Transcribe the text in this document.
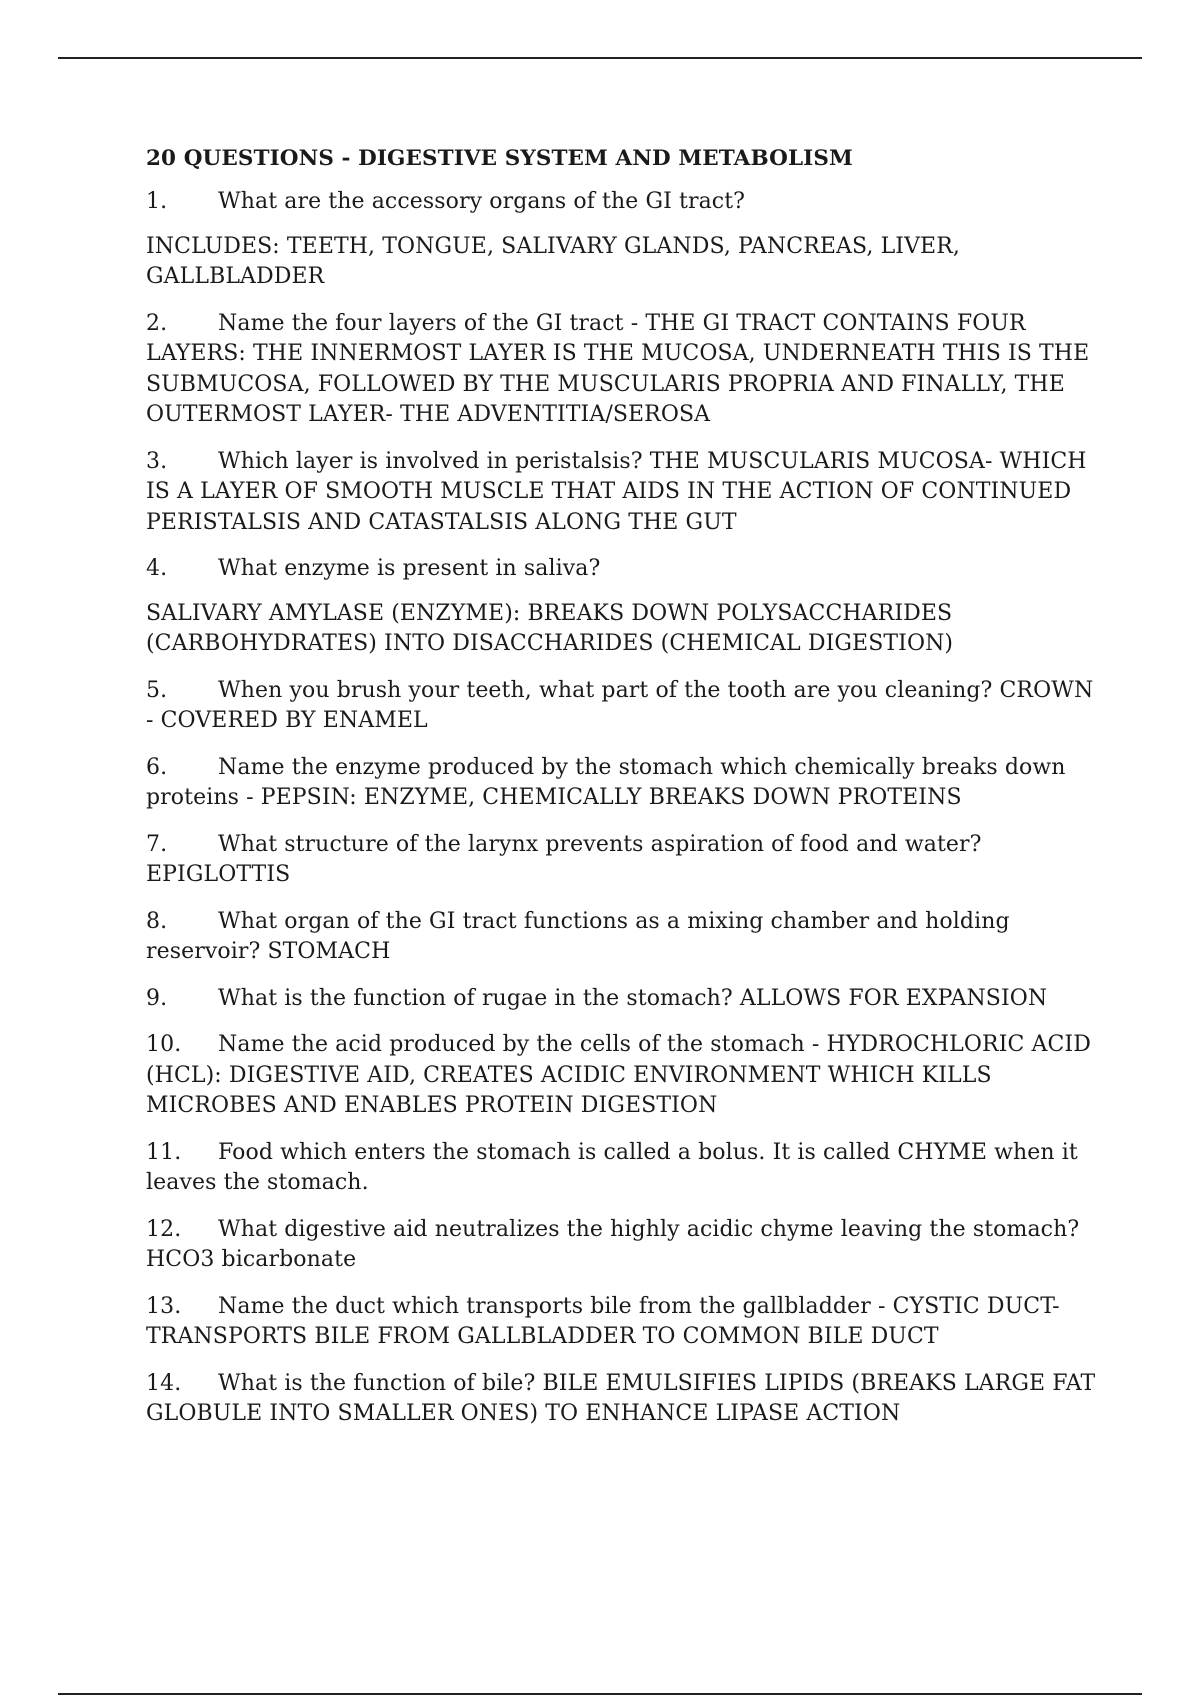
20 QUESTIONS - DIGESTIVE SYSTEM AND METABOLISM

1. What are the accessory organs of the GI tract?

INCLUDES: TEETH, TONGUE, SALIVARY GLANDS, PANCREAS, LIVER, GALLBLADDER

2. Name the four layers of the GI tract - THE GI TRACT CONTAINS FOUR LAYERS: THE INNERMOST LAYER IS THE MUCOSA, UNDERNEATH THIS IS THE SUBMUCOSA, FOLLOWED BY THE MUSCULARIS PROPRIA AND FINALLY, THE OUTERMOST LAYER- THE ADVENTITIA/SEROSA

3. Which layer is involved in peristalsis? THE MUSCULARIS MUCOSA- WHICH IS A LAYER OF SMOOTH MUSCLE THAT AIDS IN THE ACTION OF CONTINUED PERISTALSIS AND CATASTALSIS ALONG THE GUT

4. What enzyme is present in saliva?

SALIVARY AMYLASE (ENZYME): BREAKS DOWN POLYSACCHARIDES (CARBOHYDRATES) INTO DISACCHARIDES (CHEMICAL DIGESTION)

5. When you brush your teeth, what part of the tooth are you cleaning? CROWN - COVERED BY ENAMEL

6. Name the enzyme produced by the stomach which chemically breaks down proteins - PEPSIN: ENZYME, CHEMICALLY BREAKS DOWN PROTEINS

7. What structure of the larynx prevents aspiration of food and water? EPIGLOTTIS

8. What organ of the GI tract functions as a mixing chamber and holding reservoir? STOMACH

9. What is the function of rugae in the stomach? ALLOWS FOR EXPANSION

10. Name the acid produced by the cells of the stomach - HYDROCHLORIC ACID (HCL): DIGESTIVE AID, CREATES ACIDIC ENVIRONMENT WHICH KILLS MICROBES AND ENABLES PROTEIN DIGESTION

11. Food which enters the stomach is called a bolus. It is called CHYME when it leaves the stomach.

12. What digestive aid neutralizes the highly acidic chyme leaving the stomach? HCO3 bicarbonate

13. Name the duct which transports bile from the gallbladder - CYSTIC DUCT- TRANSPORTS BILE FROM GALLBLADDER TO COMMON BILE DUCT

14. What is the function of bile? BILE EMULSIFIES LIPIDS (BREAKS LARGE FAT GLOBULE INTO SMALLER ONES) TO ENHANCE LIPASE ACTION
